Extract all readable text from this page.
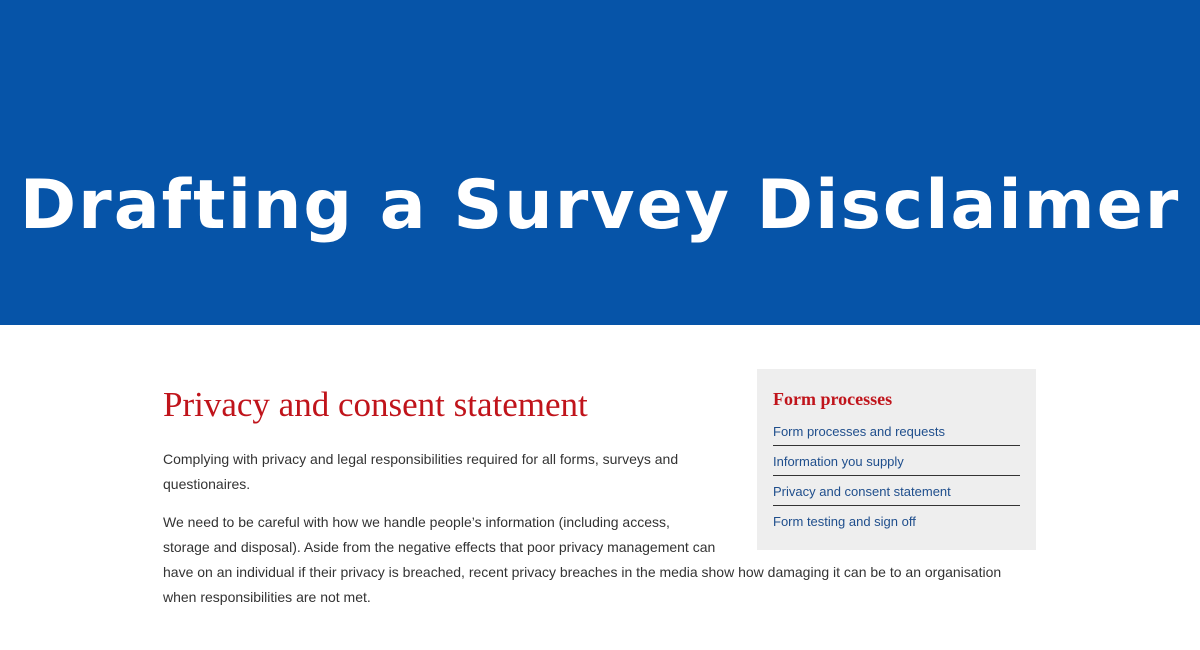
Drafting a Survey Disclaimer
Privacy and consent statement

Complying with privacy and legal responsibilities required for all forms, surveys and questionaires.

We need to be careful with how we handle people’s information (including access, storage and disposal). Aside from the negative effects that poor privacy management can have on an individual if their privacy is breached, recent privacy breaches in the media show how damaging it can be to an organisation when responsibilities are not met.

Form processes
Form processes and requests
Information you supply
Privacy and consent statement
Form testing and sign off
